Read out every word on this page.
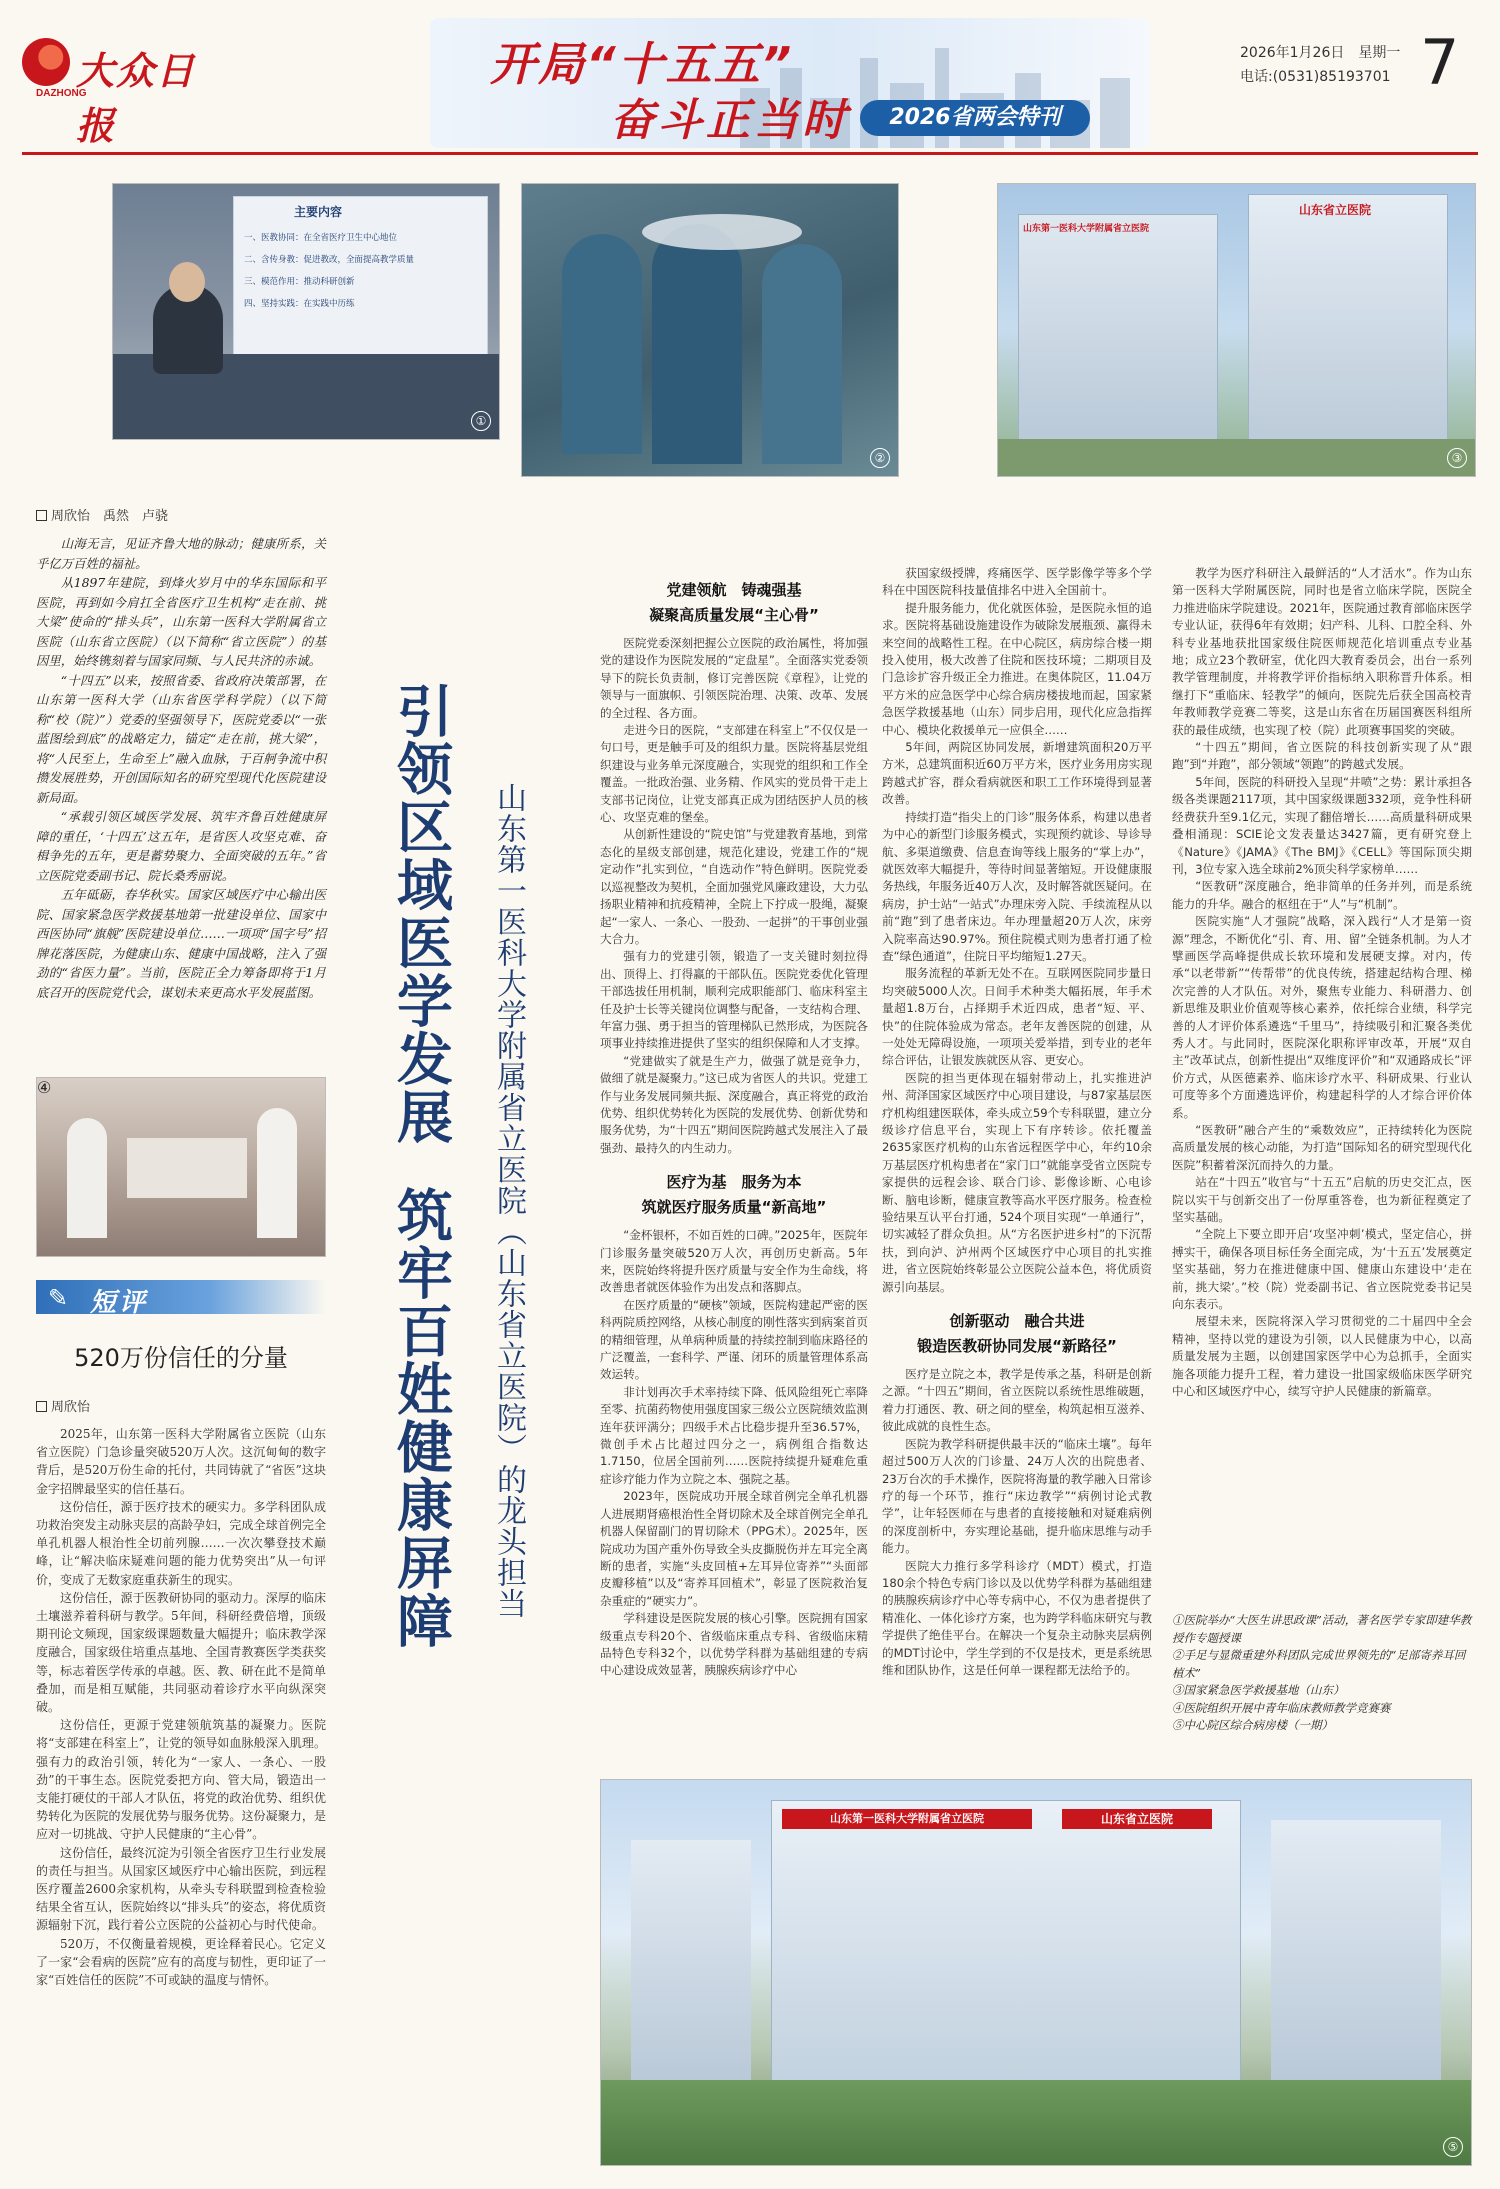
大众日报
DAZHONG
开局“十五五”
奋斗正当时	2026省两会特刊
2026年1月26日　星期一
电话:(0531)85193701 7
主要内容
一、医教协同：在全省医疗卫生中心地位
二、含传身教：促进教改，全面提高教学质量
三、模范作用：推动科研创新
四、坚持实践：在实践中历练
①
②
山东第一医科大学附属省立医院
山东省立医院
③
周欣怡　禹然　卢骁

山海无言，见证齐鲁大地的脉动；健康所系，关乎亿万百姓的福祉。

从1897年建院，到烽火岁月中的华东国际和平医院，再到如今肩扛全省医疗卫生机构“走在前、挑大梁”使命的“排头兵”，山东第一医科大学附属省立医院（山东省立医院）（以下简称“省立医院”）的基因里，始终镌刻着与国家同频、与人民共济的赤诚。

“十四五”以来，按照省委、省政府决策部署，在山东第一医科大学（山东省医学科学院）（以下简称“校（院）”）党委的坚强领导下，医院党委以“一张蓝图绘到底”的战略定力，锚定“走在前，挑大梁”，将“人民至上，生命至上”融入血脉，于百舸争流中积攒发展胜势，开创国际知名的研究型现代化医院建设新局面。

“承载引领区域医学发展、筑牢齐鲁百姓健康屏障的重任，‘十四五’这五年，是省医人攻坚克难、奋楫争先的五年，更是蓄势聚力、全面突破的五年。”省立医院党委副书记、院长桑秀丽说。

五年砥砺，春华秋实。国家区域医疗中心输出医院、国家紧急医学救援基地第一批建设单位、国家中西医协同“旗舰”医院建设单位……一项项“国字号”招牌花落医院，为健康山东、健康中国战略，注入了强劲的“省医力量”。当前，医院正全力筹备即将于1月底召开的医院党代会，谋划未来更高水平发展蓝图。

④
✎ 短评
520万份信任的分量
周欣怡

2025年，山东第一医科大学附属省立医院（山东省立医院）门急诊量突破520万人次。这沉甸甸的数字背后，是520万份生命的托付，共同铸就了“省医”这块金字招牌最坚实的信任基石。

这份信任，源于医疗技术的硬实力。多学科团队成功救治突发主动脉夹层的高龄孕妇，完成全球首例完全单孔机器人根治性全切前列腺……一次次攀登技术巅峰，让“解决临床疑难问题的能力优势突出”从一句评价，变成了无数家庭重获新生的现实。

这份信任，源于医教研协同的驱动力。深厚的临床土壤滋养着科研与教学。5年间，科研经费倍增，顶级期刊论文频现，国家级课题数量大幅提升；临床教学深度融合，国家级住培重点基地、全国青教赛医学类获奖等，标志着医学传承的卓越。医、教、研在此不是简单叠加，而是相互赋能，共同驱动着诊疗水平向纵深突破。

这份信任，更源于党建领航筑基的凝聚力。医院将“支部建在科室上”，让党的领导如血脉般深入肌理。强有力的政治引领，转化为“一家人、一条心、一股劲”的干事生态。医院党委把方向、管大局，锻造出一支能打硬仗的干部人才队伍，将党的政治优势、组织优势转化为医院的发展优势与服务优势。这份凝聚力，是应对一切挑战、守护人民健康的“主心骨”。

这份信任，最终沉淀为引领全省医疗卫生行业发展的责任与担当。从国家区域医疗中心输出医院，到远程医疗覆盖2600余家机构，从牵头专科联盟到检查检验结果全省互认，医院始终以“排头兵”的姿态，将优质资源辐射下沉，践行着公立医院的公益初心与时代使命。

520万，不仅衡量着规模，更诠释着民心。它定义了一家“会看病的医院”应有的高度与韧性，更印证了一家“百姓信任的医院”不可或缺的温度与情怀。

引领区域医学发展筑牢百姓健康屏障	山东第一医科大学附属省立医院（山东省立医院）的龙头担当
党建领航　铸魂强基
凝聚高质量发展“主心骨”

医院党委深刻把握公立医院的政治属性，将加强党的建设作为医院发展的“定盘星”。全面落实党委领导下的院长负责制，修订完善医院《章程》，让党的领导与一面旗帜、引领医院治理、决策、改革、发展的全过程、各方面。

走进今日的医院，“支部建在科室上”不仅仅是一句口号，更是触手可及的组织力量。医院将基层党组织建设与业务单元深度融合，实现党的组织和工作全覆盖。一批政治强、业务精、作风实的党员骨干走上支部书记岗位，让党支部真正成为团结医护人员的核心、攻坚克难的堡垒。

从创新性建设的“院史馆”与党建教育基地，到常态化的星级支部创建，规范化建设，党建工作的“规定动作”扎实到位，“自选动作”特色鲜明。医院党委以巡视整改为契机，全面加强党风廉政建设，大力弘扬职业精神和抗疫精神，全院上下拧成一股绳，凝聚起“一家人、一条心、一股劲、一起拼”的干事创业强大合力。

强有力的党建引领，锻造了一支关键时刻拉得出、顶得上、打得赢的干部队伍。医院党委优化管理干部选拔任用机制，顺利完成职能部门、临床科室主任及护士长等关键岗位调整与配备，一支结构合理、年富力强、勇于担当的管理梯队已然形成，为医院各项事业持续推进提供了坚实的组织保障和人才支撑。

“党建做实了就是生产力，做强了就是竞争力，做细了就是凝聚力。”这已成为省医人的共识。党建工作与业务发展同频共振、深度融合，真正将党的政治优势、组织优势转化为医院的发展优势、创新优势和服务优势，为“十四五”期间医院跨越式发展注入了最强劲、最持久的内生动力。

医疗为基　服务为本
筑就医疗服务质量“新高地”

“金杯银杯，不如百姓的口碑。”2025年，医院年门诊服务量突破520万人次，再创历史新高。5年来，医院始终将提升医疗质量与安全作为生命线，将改善患者就医体验作为出发点和落脚点。

在医疗质量的“硬核”领域，医院构建起严密的医科两院质控网络，从核心制度的刚性落实到病案首页的精细管理，从单病种质量的持续控制到临床路径的广泛覆盖，一套科学、严谨、闭环的质量管理体系高效运转。

非计划再次手术率持续下降、低风险组死亡率降至零、抗菌药物使用强度国家三级公立医院绩效监测连年获评满分；四级手术占比稳步提升至36.57%，微创手术占比超过四分之一，病例组合指数达1.7150，位居全国前列……医院持续提升疑难危重症诊疗能力作为立院之本、强院之基。

2023年，医院成功开展全球首例完全单孔机器人进展期肾癌根治性全肾切除术及全球首例完全单孔机器人保留副门的胃切除术（PPG术）。2025年，医院成功为国产重外伤导致全头皮撕脱伤并左耳完全离断的患者，实施“头皮回植+左耳异位寄养”“头面部皮瓣移植”以及“寄养耳回植术”，彰显了医院救治复杂重症的“硬实力”。

学科建设是医院发展的核心引擎。医院拥有国家级重点专科20个、省级临床重点专科、省级临床精品特色专科32个，以优势学科群为基础组建的专病中心建设成效显著，胰腺疾病诊疗中心

获国家级授牌，疼痛医学、医学影像学等多个学科在中国医院科技量值排名中进入全国前十。

提升服务能力，优化就医体验，是医院永恒的追求。医院将基础设施建设作为破除发展瓶颈、赢得未来空间的战略性工程。在中心院区，病房综合楼一期投入使用，极大改善了住院和医技环境；二期项目及门急诊扩容升级正全力推进。在奥体院区，11.04万平方米的应急医学中心综合病房楼拔地而起，国家紧急医学救援基地（山东）同步启用，现代化应急指挥中心、模块化救援单元一应俱全……

5年间，两院区协同发展，新增建筑面积20万平方米，总建筑面积近60万平方米，医疗业务用房实现跨越式扩容，群众看病就医和职工工作环境得到显著改善。

持续打造“指尖上的门诊”服务体系，构建以患者为中心的新型门诊服务模式，实现预约就诊、导诊导航、多渠道缴费、信息查询等线上服务的“掌上办”，就医效率大幅提升，等待时间显著缩短。开设健康服务热线，年服务近40万人次，及时解答就医疑问。在病房，护士站“一站式”办理床旁入院、手续流程从以前“跑”到了患者床边。年办理量超20万人次，床旁入院率高达90.97%。预住院模式则为患者打通了检查“绿色通道”，住院日平均缩短1.27天。

服务流程的革新无处不在。互联网医院同步量日均突破5000人次。日间手术种类大幅拓展，年手术量超1.8万台，占择期手术近四成，患者“短、平、快”的住院体验成为常态。老年友善医院的创建，从一处处无障碍设施，一项项关爱举措，到专业的老年综合评估，让银发族就医从容、更安心。

医院的担当更体现在辐射带动上，扎实推进泸州、菏泽国家区域医疗中心项目建设，与87家基层医疗机构组建医联体，牵头成立59个专科联盟，建立分级诊疗信息平台，实现上下有序转诊。依托覆盖2635家医疗机构的山东省远程医学中心，年约10余万基层医疗机构患者在“家门口”就能享受省立医院专家提供的远程会诊、联合门诊、影像诊断、心电诊断、脑电诊断，健康宣教等高水平医疗服务。检查检验结果互认平台打通，524个项目实现“一单通行”，切实减轻了群众负担。从“方名医护进乡村”的下沉帮扶，到向泸、泸州两个区域医疗中心项目的扎实推进，省立医院始终彰显公立医院公益本色，将优质资源引向基层。

创新驱动　融合共进
锻造医教研协同发展“新路径”

医疗是立院之本，教学是传承之基，科研是创新之源。“十四五”期间，省立医院以系统性思维破题，着力打通医、教、研之间的壁垒，构筑起相互滋养、彼此成就的良性生态。

医院为教学科研提供最丰沃的“临床土壤”。每年超过500万人次的门诊量、24万人次的出院患者、23万台次的手术操作，医院将海量的教学融入日常诊疗的每一个环节，推行“床边教学”“病例讨论式教学”，让年轻医师在与患者的直接接触和对疑难病例的深度剖析中，夯实理论基础，提升临床思维与动手能力。

医院大力推行多学科诊疗（MDT）模式，打造180余个特色专病门诊以及以优势学科群为基础组建的胰腺疾病诊疗中心等专病中心，不仅为患者提供了精准化、一体化诊疗方案，也为跨学科临床研究与教学提供了绝佳平台。在解决一个复杂主动脉夹层病例的MDT讨论中，学生学到的不仅是技术，更是系统思维和团队协作，这是任何单一课程都无法给予的。

教学为医疗科研注入最鲜活的“人才活水”。作为山东第一医科大学附属医院，同时也是省立临床学院，医院全力推进临床学院建设。2021年，医院通过教育部临床医学专业认证，获得6年有效期；妇产科、儿科、口腔全科、外科专业基地获批国家级住院医师规范化培训重点专业基地；成立23个教研室，优化四大教育委员会，出台一系列教学管理制度，并将教学评价指标纳入职称晋升体系。相继打下“重临床、轻教学”的倾向，医院先后获全国高校青年教师教学竞赛二等奖，这是山东省在历届国赛医科组所获的最佳成绩，也实现了校（院）此项赛事国奖的突破。

“十四五”期间，省立医院的科技创新实现了从“跟跑”到“并跑”，部分领域“领跑”的跨越式发展。

5年间，医院的科研投入呈现“井喷”之势：累计承担各级各类课题2117项，其中国家级课题332项，竞争性科研经费获升至9.1亿元，实现了翻倍增长……高质量科研成果叠相涌现：SCIE论文发表量达3427篇，更有研究登上《Nature》《JAMA》《The BMJ》《CELL》等国际顶尖期刊，3位专家入选全球前2%顶尖科学家榜单……

“医教研”深度融合，绝非简单的任务并列，而是系统能力的升华。融合的枢纽在于“人”与“机制”。

医院实施“人才强院”战略，深入践行“人才是第一资源”理念，不断优化“引、育、用、留”全链条机制。为人才擘画医学高峰提供成长软环境和发展硬支撑。对内，传承“以老带新”“传帮带”的优良传统，搭建起结构合理、梯次完善的人才队伍。对外，聚焦专业能力、科研潜力、创新思维及职业价值观等核心素养，依托综合业绩，科学完善的人才评价体系遴选“千里马”，持续吸引和汇聚各类优秀人才。与此同时，医院深化职称评审改革，开展“双自主”改革试点，创新性提出“双维度评价”和“双通路成长”评价方式，从医德素养、临床诊疗水平、科研成果、行业认可度等多个方面遴选评价，构建起科学的人才综合评价体系。

“医教研”融合产生的“乘数效应”，正持续转化为医院高质量发展的核心动能，为打造“国际知名的研究型现代化医院”积蓄着深沉而持久的力量。

站在“十四五”收官与“十五五”启航的历史交汇点，医院以实干与创新交出了一份厚重答卷，也为新征程奠定了坚实基础。

“全院上下要立即开启‘攻坚冲刺’模式，坚定信心，拼搏实干，确保各项目标任务全面完成，为‘十五五’发展奠定坚实基础，努力在推进健康中国、健康山东建设中‘走在前，挑大梁’。”校（院）党委副书记、省立医院党委书记吴向东表示。

展望未来，医院将深入学习贯彻党的二十届四中全会精神，坚持以党的建设为引领，以人民健康为中心，以高质量发展为主题，以创建国家医学中心为总抓手，全面实施各项能力提升工程，着力建设一批国家级临床医学研究中心和区域医疗中心，续写守护人民健康的新篇章。

①医院举办“大医生讲思政课”活动，著名医学专家即建华教授作专题授课

②手足与显微重建外科团队完成世界领先的“足部寄养耳回植术”

③国家紧急医学救援基地（山东）

④医院组织开展中青年临床教师教学竞赛赛

⑤中心院区综合病房楼（一期）

山东第一医科大学附属省立医院	山东省立医院
⑤
